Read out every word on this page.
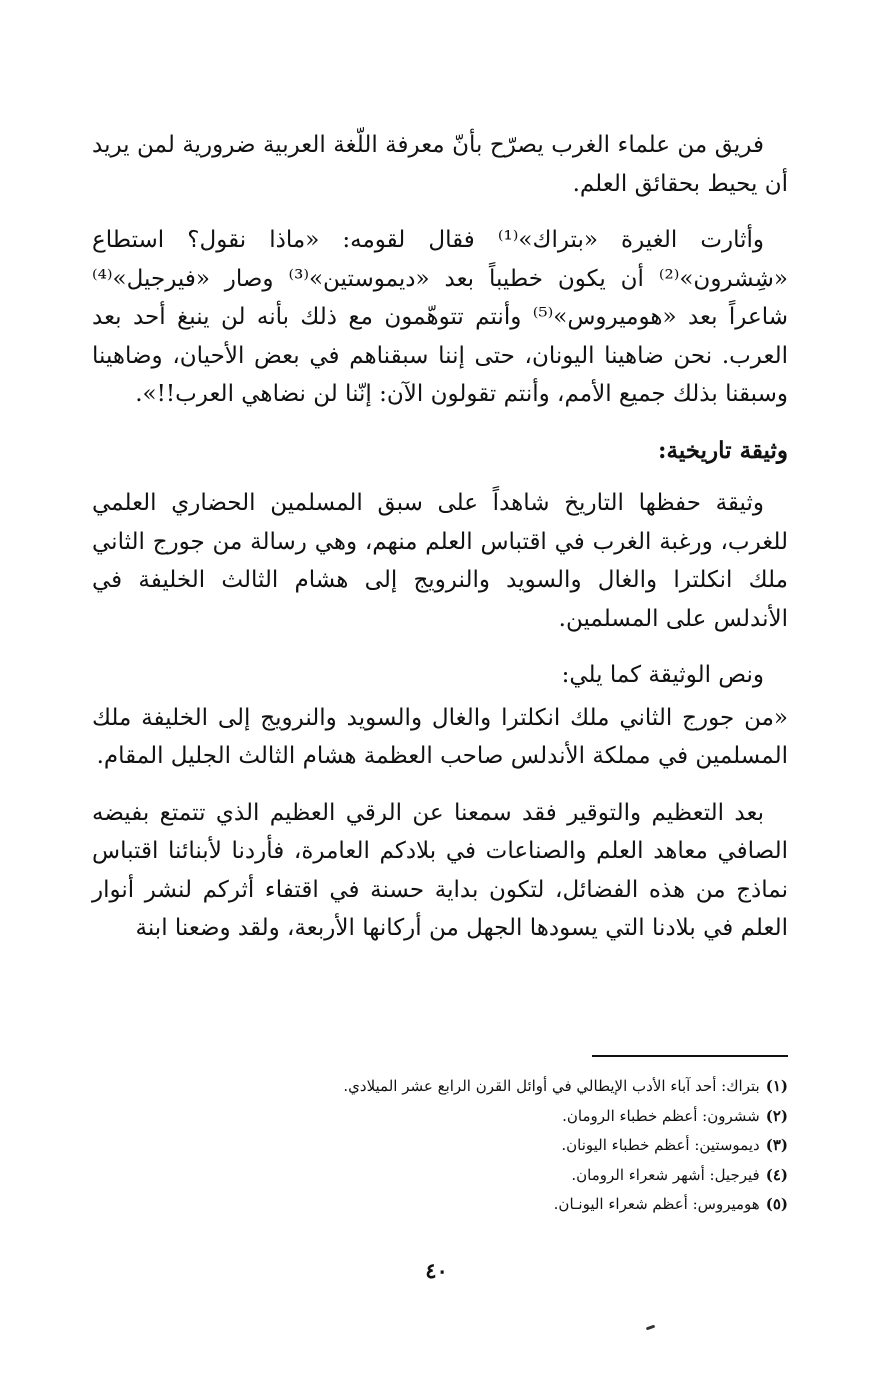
فريق من علماء الغرب يصرّح بأنّ معرفة اللّغة العربية ضرورية لمن يريد أن يحيط بحقائق العلم.

وأثارت الغيرة «بتراك»⁽¹⁾ فقال لقومه: «ماذا نقول؟ استطاع «شِشرون»⁽²⁾ أن يكون خطيباً بعد «ديموستين»⁽³⁾ وصار «فيرجيل»⁽⁴⁾ شاعراً بعد «هوميروس»⁽⁵⁾ وأنتم تتوهّمون مع ذلك بأنه لن ينبغ أحد بعد العرب. نحن ضاهينا اليونان، حتى إننا سبقناهم في بعض الأحيان، وضاهينا وسبقنا بذلك جميع الأمم، وأنتم تقولون الآن: إنّنا لن نضاهي العرب!!».

وثيقة تاريخية:

وثيقة حفظها التاريخ شاهداً على سبق المسلمين الحضاري العلمي للغرب، ورغبة الغرب في اقتباس العلم منهم، وهي رسالة من جورج الثاني ملك انكلترا والغال والسويد والنرويج إلى هشام الثالث الخليفة في الأندلس على المسلمين.

ونص الوثيقة كما يلي:

«من جورج الثاني ملك انكلترا والغال والسويد والنرويج إلى الخليفة ملك المسلمين في مملكة الأندلس صاحب العظمة هشام الثالث الجليل المقام.

بعد التعظيم والتوقير فقد سمعنا عن الرقي العظيم الذي تتمتع بفيضه الصافي معاهد العلم والصناعات في بلادكم العامرة، فأردنا لأبنائنا اقتباس نماذج من هذه الفضائل، لتكون بداية حسنة في اقتفاء أثركم لنشر أنوار العلم في بلادنا التي يسودها الجهل من أركانها الأربعة، ولقد وضعنا ابنة

(١)بتراك: أحد آباء الأدب الإيطالي في أوائل القرن الرابع عشر الميلادي.
(٢)ششرون: أعظم خطباء الرومان.
(٣)ديموستين: أعظم خطباء اليونان.
(٤)فيرجيل: أشهر شعراء الرومان.
(٥)هوميروس: أعظم شعراء اليونـان.
٤٠
